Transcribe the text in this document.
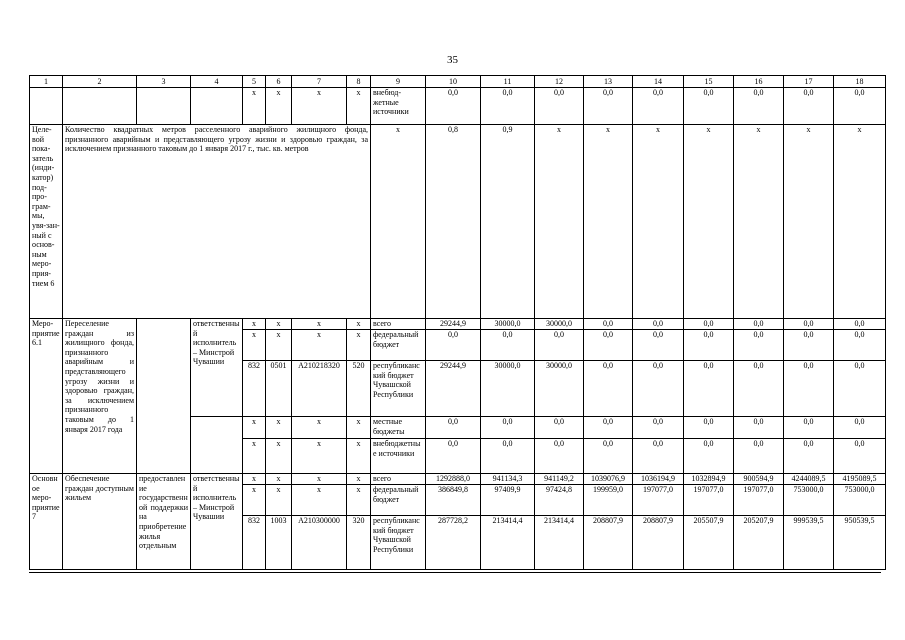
35
1	2	3	4	5	6	7	8	9	10	11	12	13	14	15	16	17	18
				x	x	x	x	внебюд-жетные источники	0,0	0,0	0,0	0,0	0,0	0,0	0,0	0,0	0,0
Целе-вой пока-затель (инди-катор) под-про-грам-мы, увя-зан-ный с основ-ным меро-прия-тием 6	Количество квадратных метров расселенного аварийного жилищного фонда, признанного аварийным и представляющего угрозу жизни и здоровью граждан, за исключением признанного таковым до 1 января 2017 г., тыс. кв. метров							x	0,8	0,9	x	x	x	x	x	x	x
Меро-приятие 6.1	Переселение граждан из жилищного фонда, признанного аварийным и представляющего угрозу жизни и здоровью граждан, за исключением признанного таковым до 1 января 2017 года		ответственный исполнитель – Минстрой Чувашии	x	x	x	x	всего	29244,9	30000,0	30000,0	0,0	0,0	0,0	0,0	0,0	0,0
				x	x	x	x	федеральный бюджет	0,0	0,0	0,0	0,0	0,0	0,0	0,0	0,0	0,0
				832	0501	A210218320	520	республиканский бюджет Чувашской Республики	29244,9	30000,0	30000,0	0,0	0,0	0,0	0,0	0,0	0,0
				x	x	x	x	местные бюджеты	0,0	0,0	0,0	0,0	0,0	0,0	0,0	0,0	0,0
				x	x	x	x	внебюджетные источники	0,0	0,0	0,0	0,0	0,0	0,0	0,0	0,0	0,0
Основное меро-приятие 7	Обеспечение граждан доступным жильем	предоставление государственной поддержки на приобретение жилья отдельным	ответственный исполнитель – Минстрой Чувашии	x	x	x	x	всего	1292888,0	941134,3	941149,2	1039076,9	1036194,9	1032894,9	900594,9	4244089,5	4195089,5
				x	x	x	x	федеральный бюджет	386849,8	97409,9	97424,8	199959,0	197077,0	197077,0	197077,0	753000,0	753000,0
				832	1003	A210300000	320	республиканский бюджет Чувашской Республики	287728,2	213414,4	213414,4	208807,9	208807,9	205507,9	205207,9	999539,5	950539,5
